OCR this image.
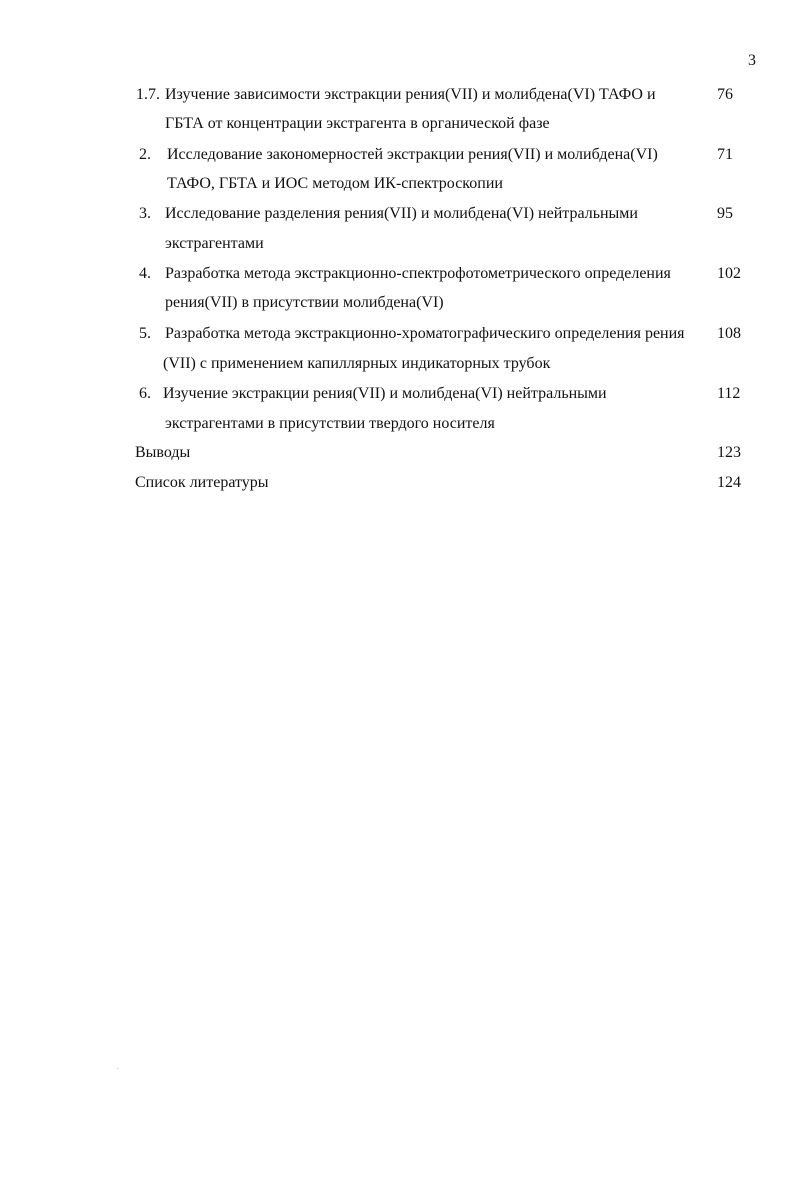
3
1.7. Изучение зависимости экстракции рения(VII) и молибдена(VI) ТАФО и	76
ГБТА от концентрации экстрагента в органической фазе
2. Исследование закономерностей экстракции рения(VII) и молибдена(VI)	71
ТАФО, ГБТА и ИОС методом ИК-спектроскопии
3. Исследование разделения рения(VII) и молибдена(VI) нейтральными	95
экстрагентами
4. Разработка метода экстракционно-спектрофотометрического определения	102
рения(VII) в присутствии молибдена(VI)
5. Разработка метода экстракционно-хроматографическиго определения рения 108
(VII) с применением капиллярных индикаторных трубок
6. Изучение экстракции рения(VII) и молибдена(VI) нейтральными	112
экстрагентами в присутствии твердого носителя
Выводы	123
Список литературы	124
